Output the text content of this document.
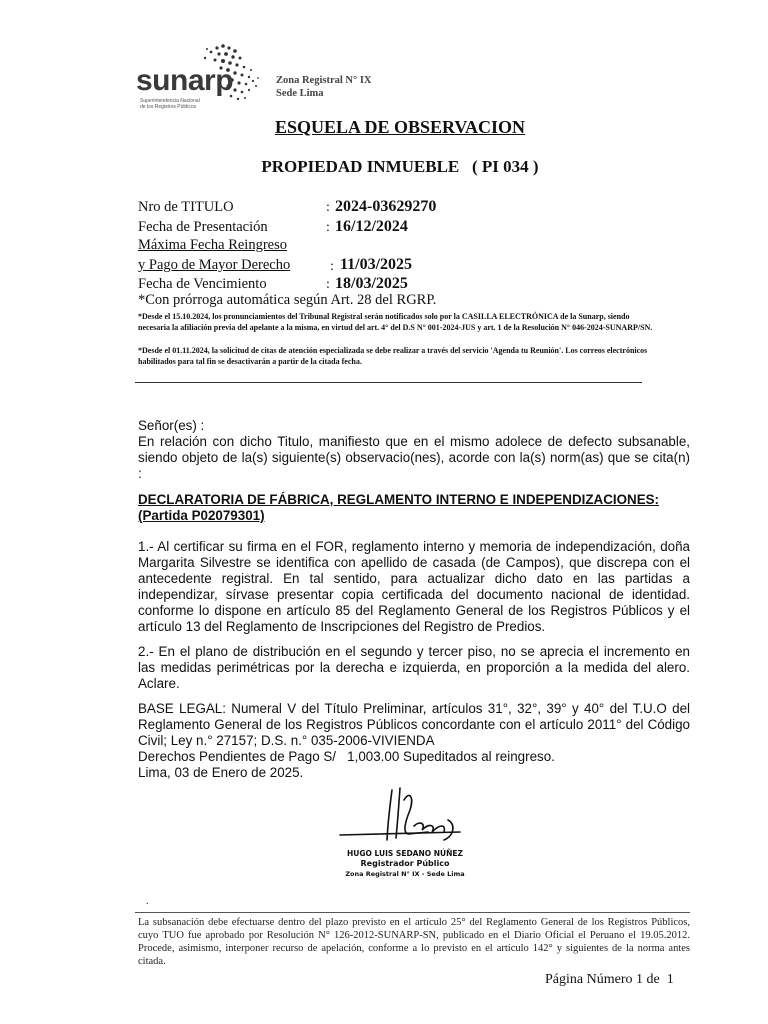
sunarp
Superintendencia Nacional
de los Registros Públicos
Zona Registral N° IX
Sede Lima
ESQUELA DE OBSERVACION
PROPIEDAD INMUEBLE   ( PI 034 )
Nro de TITULO	: 2024-03629270
Fecha de Presentación	: 16/12/2024
Máxima Fecha Reingreso
y Pago de Mayor Derecho	: 11/03/2025
Fecha de Vencimiento	: 18/03/2025
*Con prórroga automática según Art. 28 del RGRP.
*Desde el 15.10.2024, los pronunciamientos del Tribunal Registral serán notificados solo por la CASILLA ELECTRÓNICA de la Sunarp, siendo necesaria la afiliación previa del apelante a la misma, en virtud del art. 4° del D.S N° 001-2024-JUS y art. 1 de la Resolución N° 046-2024-SUNARP/SN.
*Desde el 01.11.2024, la solicitud de citas de atención especializada se debe realizar a través del servicio 'Agenda tu Reunión'. Los correos electrónicos habilitados para tal fin se desactivarán a partir de la citada fecha.
Señor(es) :
En relación con dicho Titulo, manifiesto que en el mismo adolece de defecto subsanable, siendo objeto de la(s) siguiente(s) observacio(nes), acorde con la(s) norm(as) que se cita(n) :
DECLARATORIA DE FÁBRICA, REGLAMENTO INTERNO E INDEPENDIZACIONES:
(Partida P02079301)
1.- Al certificar su firma en el FOR, reglamento interno y memoria de independización, doña Margarita Silvestre se identifica con apellido de casada (de Campos), que discrepa con el antecedente registral. En tal sentido, para actualizar dicho dato en las partidas a independizar, sírvase presentar copia certificada del documento nacional de identidad. conforme lo dispone en artículo 85 del Reglamento General de los Registros Públicos y el artículo 13 del Reglamento de Inscripciones del Registro de Predios.
2.- En el plano de distribución en el segundo y tercer piso, no se aprecia el incremento en las medidas perimétricas por la derecha e izquierda, en proporción a la medida del alero. Aclare.
BASE LEGAL: Numeral V del Título Preliminar, artículos 31°, 32°, 39° y 40° del T.U.O del Reglamento General de los Registros Públicos concordante con el artículo 2011° del Código Civil; Ley n.° 27157; D.S. n.° 035-2006-VIVIENDA
Derechos Pendientes de Pago S/   1,003.00 Supeditados al reingreso.
Lima, 03 de Enero de 2025.
HUGO LUIS SEDANO NÚÑEZ
Registrador Público
Zona Registral N° IX - Sede Lima
.
La subsanación debe efectuarse dentro del plazo previsto en el artículo 25° del Reglamento General de los Registros Públicos, cuyo TUO fue aprobado por Resolución N° 126-2012-SUNARP-SN, publicado en el Diario Oficial el Peruano el 19.05.2012. Procede, asimismo, interponer recurso de apelación, conforme a lo previsto en el artículo 142° y siguientes de la norma antes citada.
Página Número 1 de  1
